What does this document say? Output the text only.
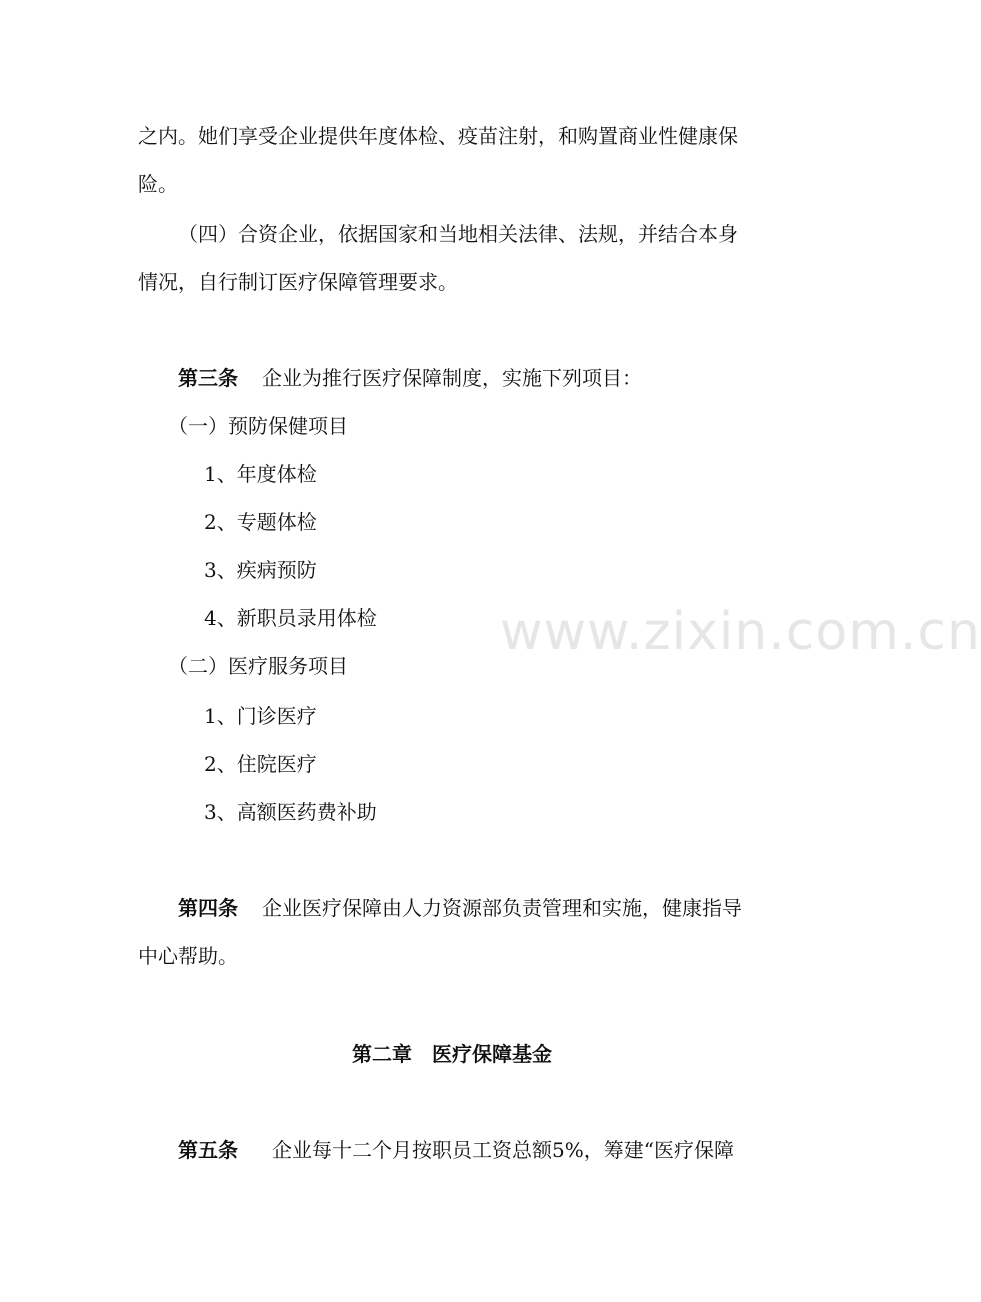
之内。她们享受企业提供年度体检、疫苗注射，和购置商业性健康保
险。
（四）合资企业，依据国家和当地相关法律、法规，并结合本身
情况，自行制订医疗保障管理要求。
第三条 企业为推行医疗保障制度，实施下列项目：
（一）预防保健项目
1、年度体检
2、专题体检
3、疾病预防
4、新职员录用体检
（二）医疗服务项目
1、门诊医疗
2、住院医疗
3、高额医药费补助
第四条 企业医疗保障由人力资源部负责管理和实施，健康指导
中心帮助。
第二章　医疗保障基金
第五条 企业每十二个月按职员工资总额5%，筹建“医疗保障
www.zixin.com.cn
